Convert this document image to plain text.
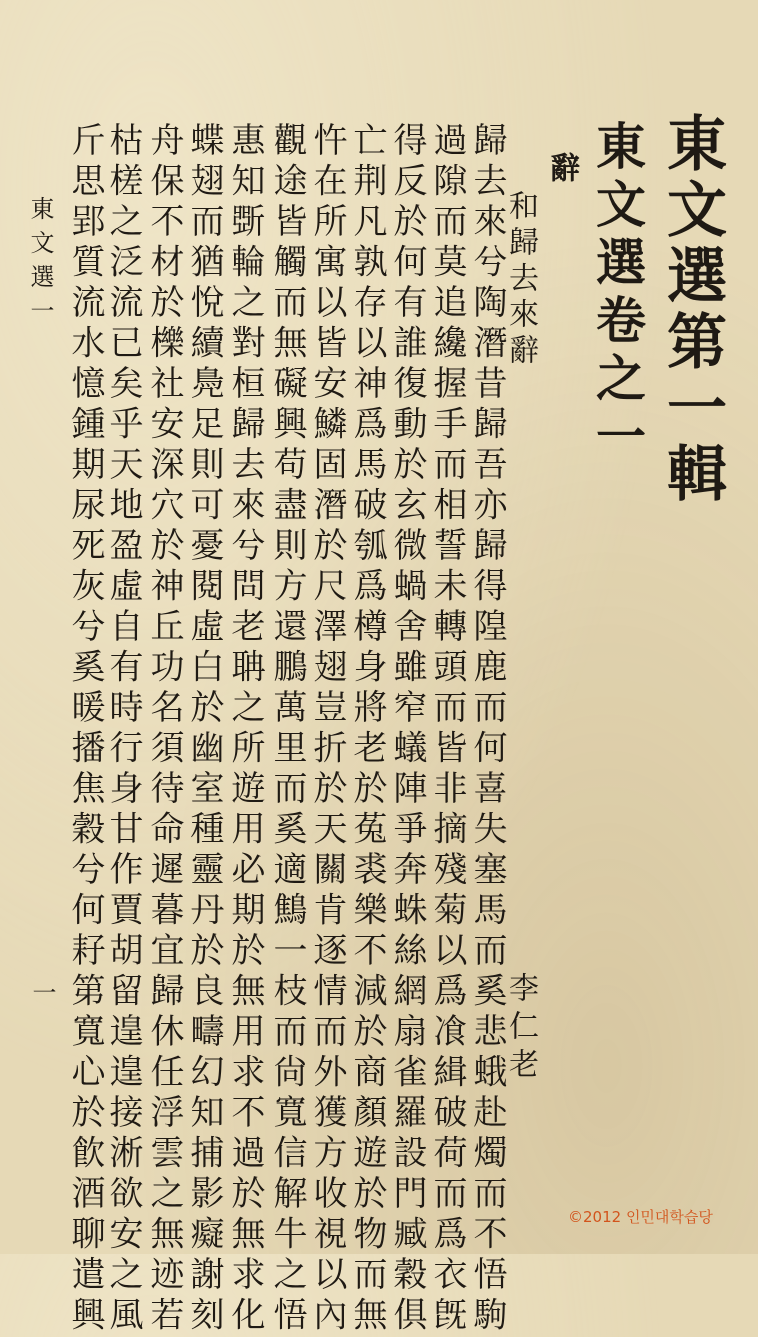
東文選第一輯
東文選卷之一
辭
和歸去來辭
李仁老
歸去來兮陶潛昔歸吾亦歸得隍鹿而何喜失塞馬而奚悲蛾赴燭而不悟駒
過隙而莫追纔握手而相誓未轉頭而皆非摘殘菊以爲飡緝破荷而爲衣旣
得反於何有誰復動於玄微蝸舍雖窄蟻陣爭奔蛛絲網扇雀羅設門臧穀俱
亡荆凡孰存以神爲馬破瓠爲樽身將老於菟裘樂不減於商顏遊於物而無
忤在所寓以皆安鱗固潛於尺澤翅豈折於天關肯逐情而外獲方收視以內
觀途皆觸而無礙興苟盡則方還鵬萬里而奚適鷦一枝而尙寬信解牛之悟
惠知斲輪之對桓歸去來兮問老聃之所遊用必期於無用求不過於無求化
蝶翅而猶悅續鳧足則可憂閱虛白於幽室種靈丹於良疇幻知捕影癡謝刻
舟保不材於櫟社安深穴於神丘功名須待命遲暮宜歸休任浮雲之無迹若
枯槎之泛流已矣乎天地盈虛自有時行身甘作賈胡留遑遑接淅欲安之風
斤思郢質流水憶鍾期尿死灰兮奚暖播焦穀兮何耔第寬心於飮酒聊遣興
東文選一
一
©2012 인민대학습당
